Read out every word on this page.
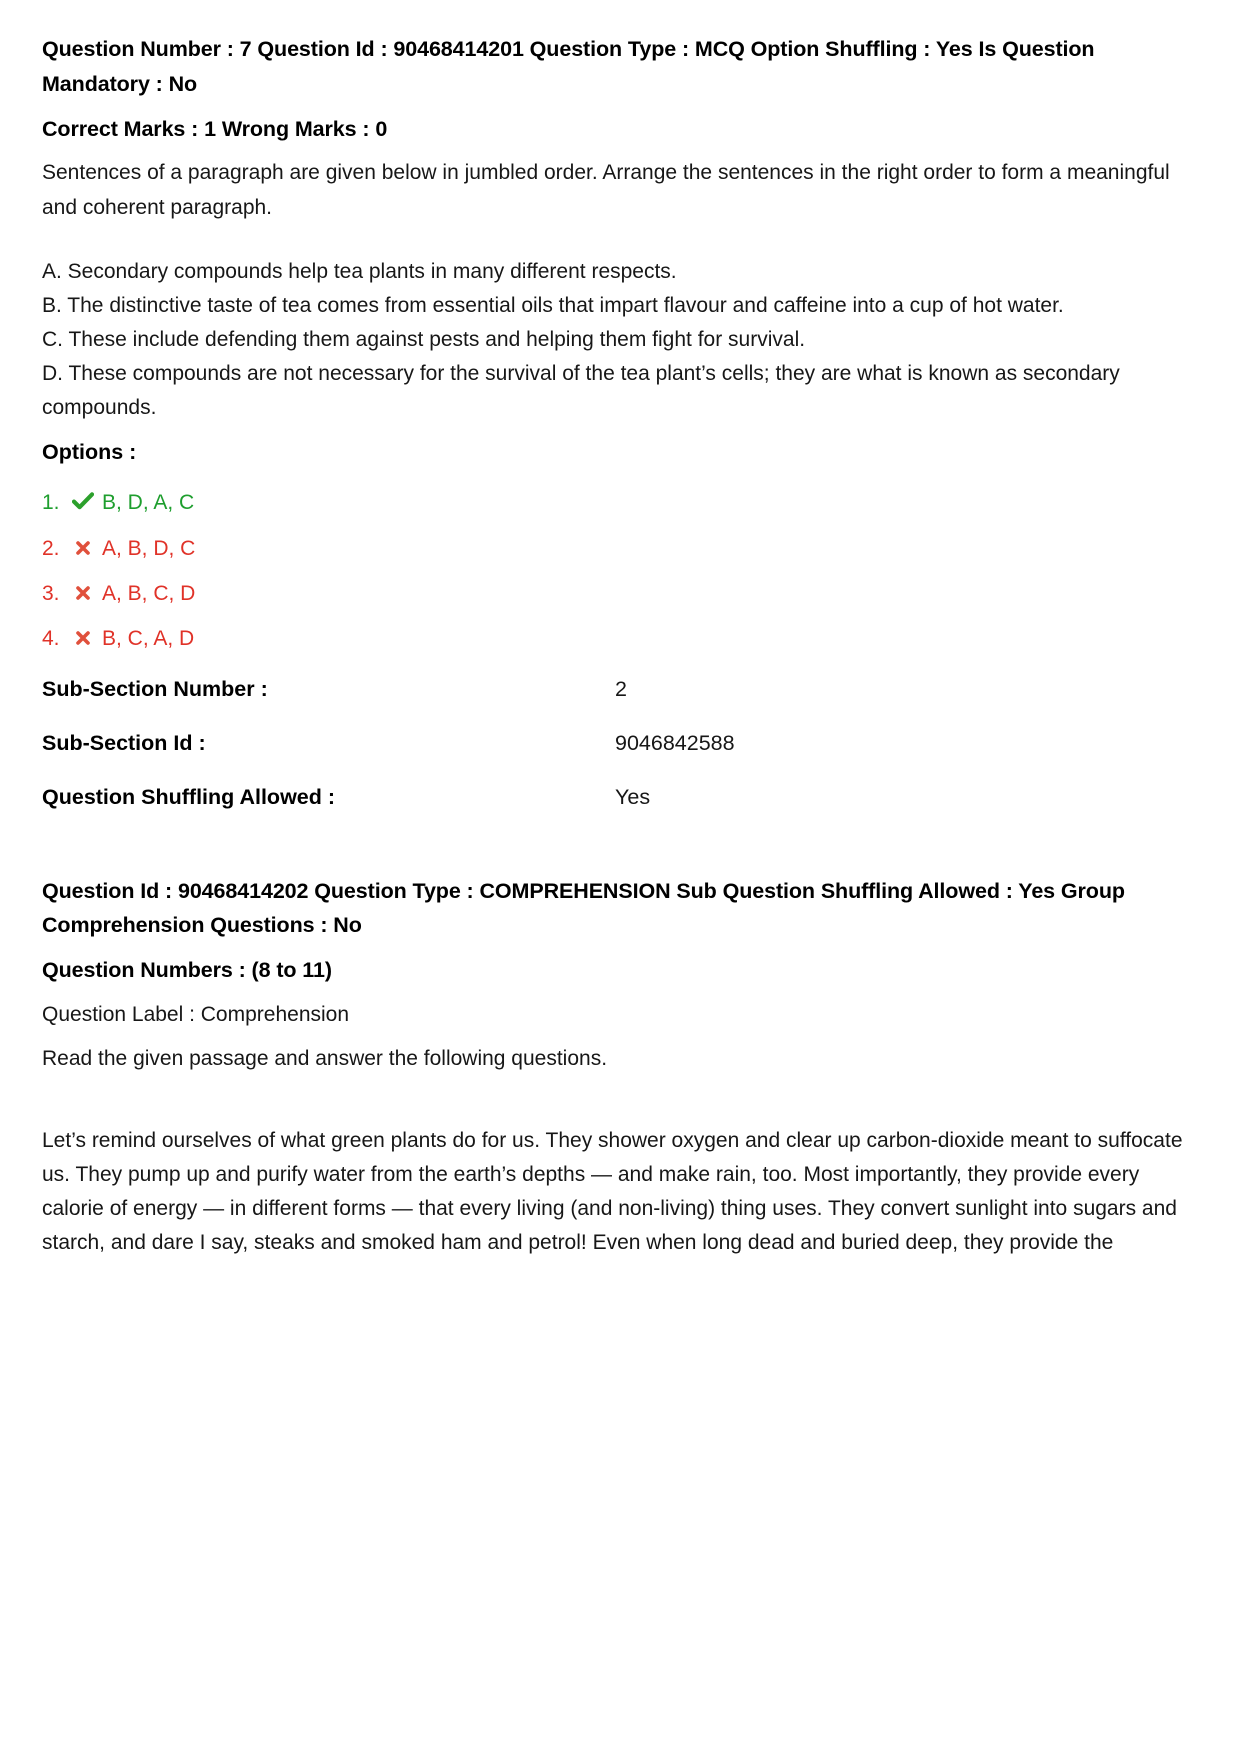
Question Number : 7 Question Id : 90468414201 Question Type : MCQ Option Shuffling : Yes Is Question Mandatory : No

Correct Marks : 1 Wrong Marks : 0

Sentences of a paragraph are given below in jumbled order. Arrange the sentences in the right order to form a meaningful and coherent paragraph.

A. Secondary compounds help tea plants in many different respects.

B. The distinctive taste of tea comes from essential oils that impart flavour and caffeine into a cup of hot water.

C. These include defending them against pests and helping them fight for survival.

D. These compounds are not necessary for the survival of the tea plant’s cells; they are what is known as secondary compounds.

Options :

1.	B, D, A, C
2.	A, B, D, C
3.	A, B, C, D
4.	B, C, A, D
Sub-Section Number :	2
Sub-Section Id :	9046842588
Question Shuffling Allowed :	Yes

Question Id : 90468414202 Question Type : COMPREHENSION Sub Question Shuffling Allowed : Yes Group Comprehension Questions : No

Question Numbers : (8 to 11)

Question Label : Comprehension

Read the given passage and answer the following questions.

Let’s remind ourselves of what green plants do for us. They shower oxygen and clear up carbon-dioxide meant to suffocate us. They pump up and purify water from the earth’s depths — and make rain, too. Most importantly, they provide every calorie of energy — in different forms — that every living (and non-living) thing uses. They convert sunlight into sugars and starch, and dare I say, steaks and smoked ham and petrol! Even when long dead and buried deep, they provide the
